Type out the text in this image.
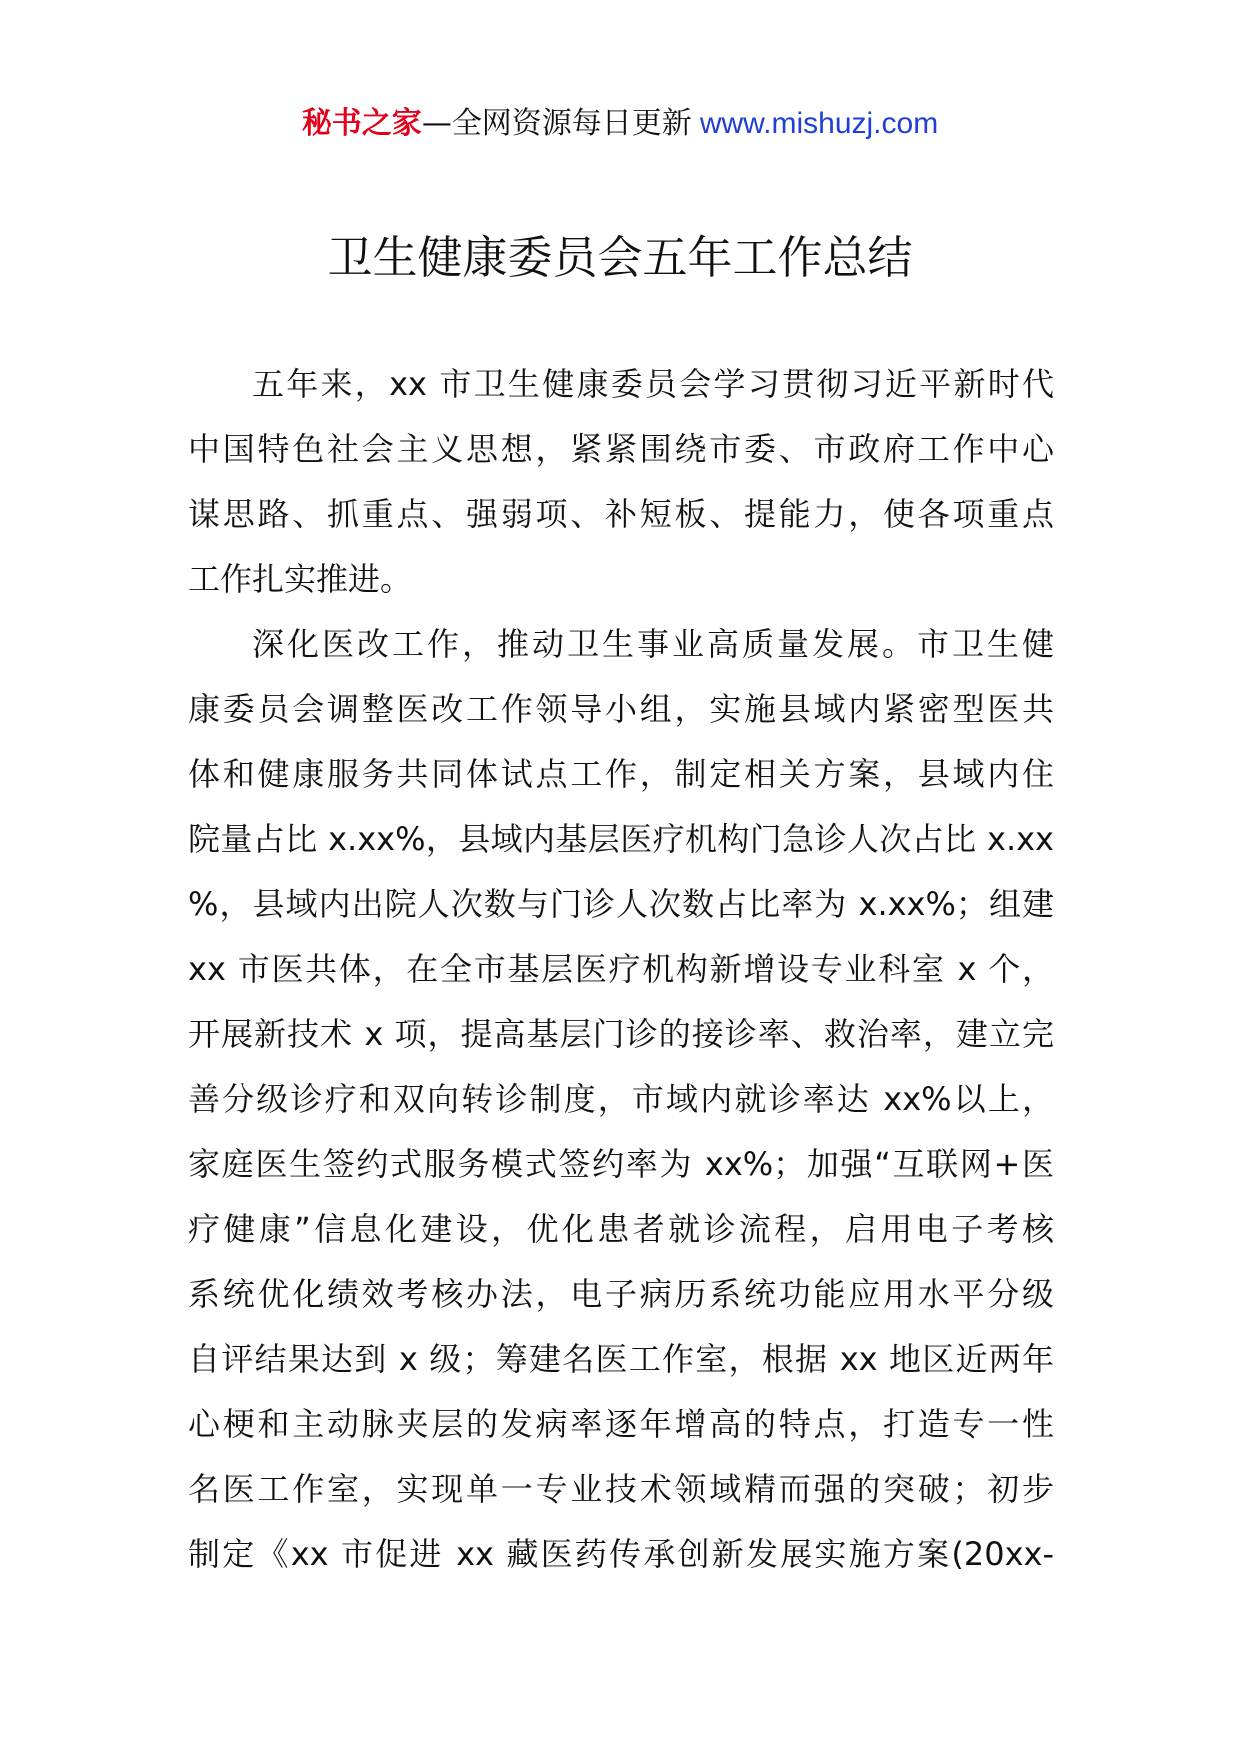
秘书之家—全网资源每日更新 www.mishuzj.com
卫生健康委员会五年工作总结
五年来，xx 市卫生健康委员会学习贯彻习近平新时代
中国特色社会主义思想，紧紧围绕市委、市政府工作中心
谋思路、抓重点、强弱项、补短板、提能力，使各项重点
工作扎实推进。
深化医改工作，推动卫生事业高质量发展。市卫生健
康委员会调整医改工作领导小组，实施县域内紧密型医共
体和健康服务共同体试点工作，制定相关方案，县域内住
院量占比 x.xx%，县域内基层医疗机构门急诊人次占比 x.xx
%，县域内出院人次数与门诊人次数占比率为 x.xx%；组建
xx 市医共体，在全市基层医疗机构新增设专业科室 x 个，
开展新技术 x 项，提高基层门诊的接诊率、救治率，建立完
善分级诊疗和双向转诊制度，市域内就诊率达 xx%以上，
家庭医生签约式服务模式签约率为 xx%；加强“互联网+医
疗健康”信息化建设，优化患者就诊流程，启用电子考核
系统优化绩效考核办法，电子病历系统功能应用水平分级
自评结果达到 x 级；筹建名医工作室，根据 xx 地区近两年
心梗和主动脉夹层的发病率逐年增高的特点，打造专一性
名医工作室，实现单一专业技术领域精而强的突破；初步
制定《xx 市促进 xx 藏医药传承创新发展实施方案(20xx-
